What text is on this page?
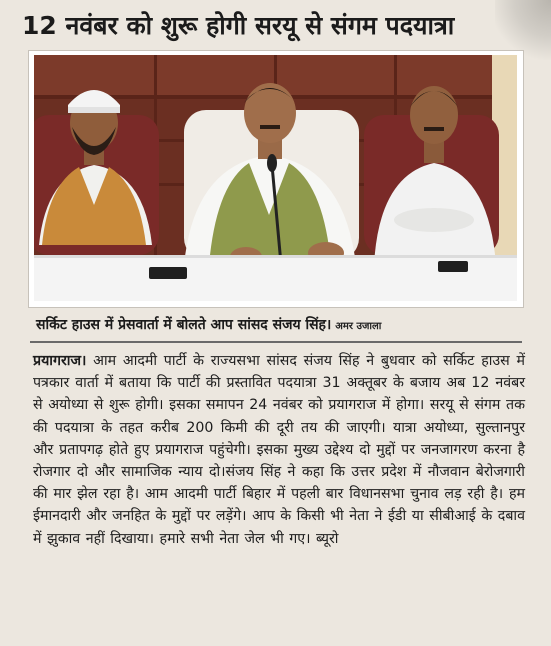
12 नवंबर को शुरू होगी सरयू से संगम पदयात्रा
सर्किट हाउस में प्रेसवार्ता में बोलते आप सांसद संजय सिंह। अमर उजाला
प्रयागराज। आम आदमी पार्टी के राज्यसभा सांसद संजय सिंह ने बुधवार को सर्किट हाउस में पत्रकार वार्ता में बताया कि पार्टी की प्रस्तावित पदयात्रा 31 अक्तूबर के बजाय अब 12 नवंबर से अयोध्या से शुरू होगी। इसका समापन 24 नवंबर को प्रयागराज में होगा। सरयू से संगम तक की पदयात्रा के तहत करीब 200 किमी की दूरी तय की जाएगी। यात्रा अयोध्या, सुल्तानपुर और प्रतापगढ़ होते हुए प्रयागराज पहुंचेगी। इसका मुख्य उद्देश्य दो मुद्दों पर जनजागरण करना है रोजगार दो और सामाजिक न्याय दो।संजय सिंह ने कहा कि उत्तर प्रदेश में नौजवान बेरोजगारी की मार झेल रहा है। आम आदमी पार्टी बिहार में पहली बार विधानसभा चुनाव लड़ रही है। हम ईमानदारी और जनहित के मुद्दों पर लड़ेंगे। आप के किसी भी नेता ने ईडी या सीबीआई के दबाव में झुकाव नहीं दिखाया। हमारे सभी नेता जेल भी गए। ब्यूरो
